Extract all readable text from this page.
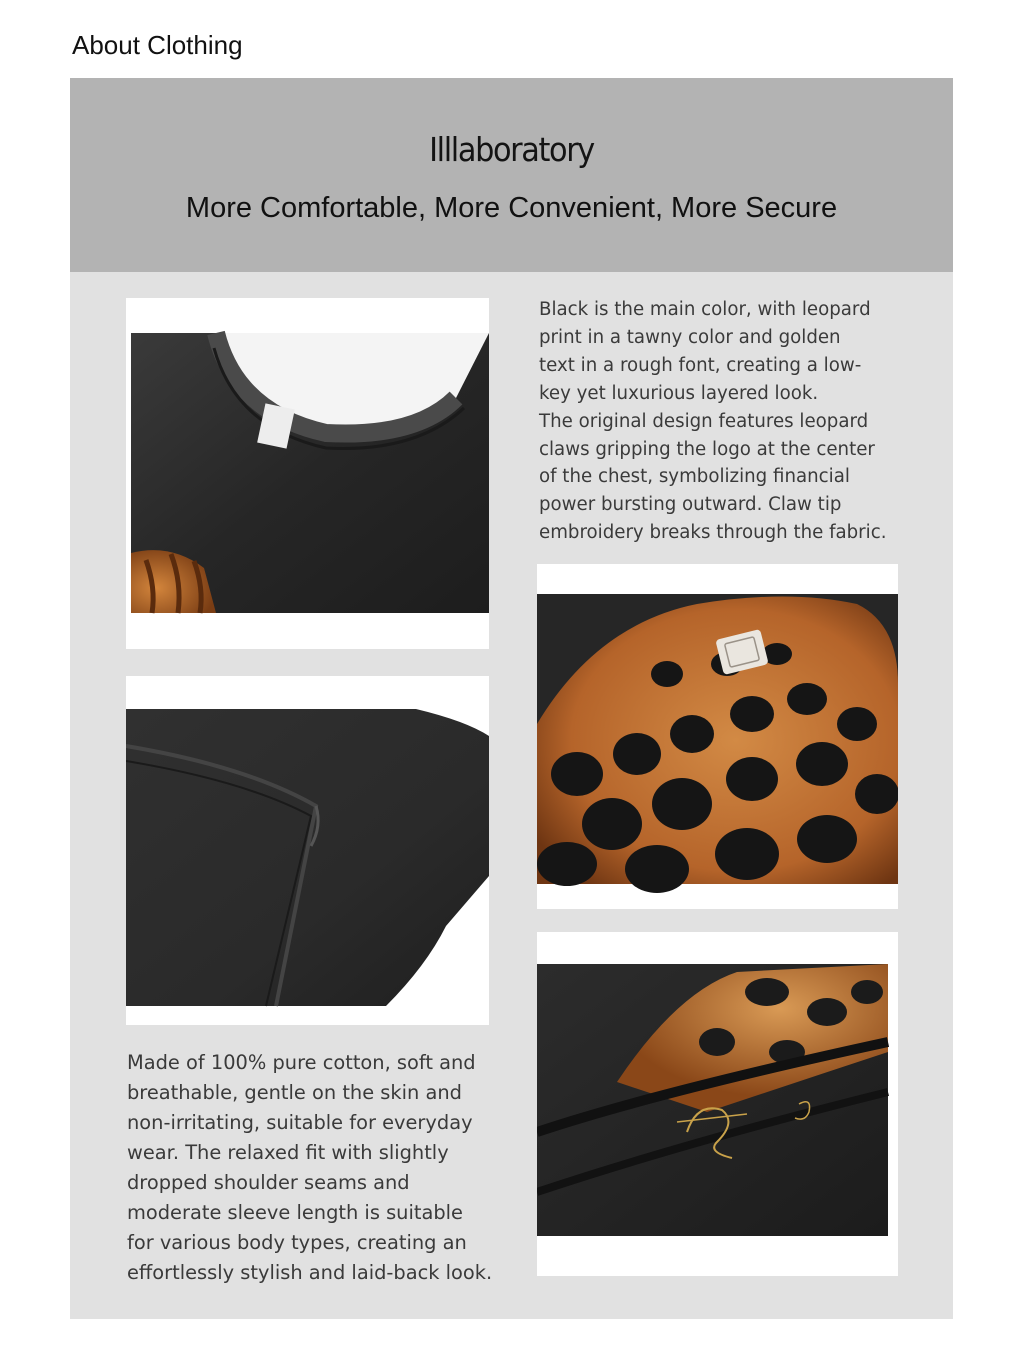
About Clothing
Illlaboratory
More Comfortable, More Convenient, More Secure
Black is the main color, with leopard
print in a tawny color and golden
text in a rough font, creating a low-
key yet luxurious layered look.
The original design features leopard
claws gripping the logo at the center
of the chest, symbolizing financial
power bursting outward. Claw tip
embroidery breaks through the fabric.
Made of 100% pure cotton, soft and
breathable, gentle on the skin and
non-irritating, suitable for everyday
wear. The relaxed fit with slightly
dropped shoulder seams and
moderate sleeve length is suitable
for various body types, creating an
effortlessly stylish and laid-back look.
